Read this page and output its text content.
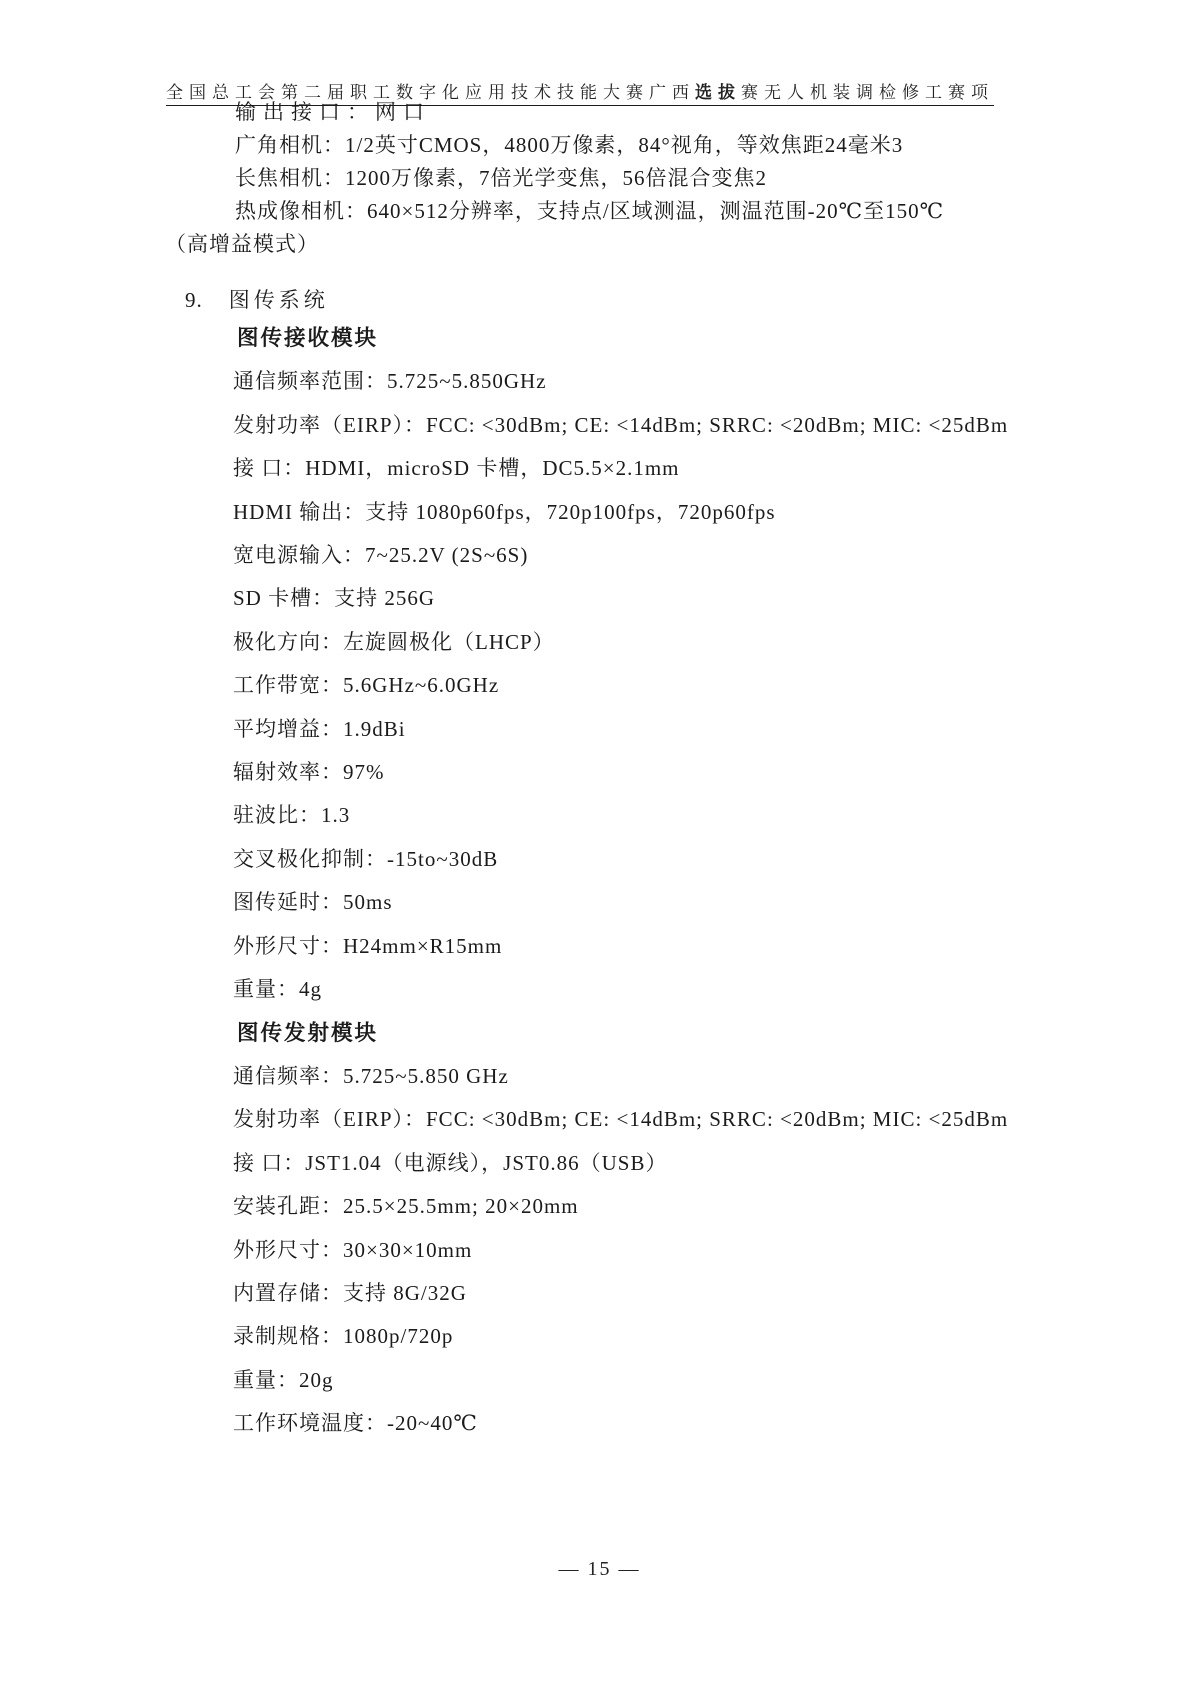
全国总工会第二届职工数字化应用技术技能大赛广西选拔赛无人机装调检修工赛项

输出接口：网口

广角相机：1/2英寸CMOS，4800万像素，84°视角，等效焦距24毫米3

长焦相机：1200万像素，7倍光学变焦，56倍混合变焦2

热成像相机：640×512分辨率，支持点/区域测温，测温范围-20℃至150℃

（高增益模式）

9. 图传系统

图传接收模块

通信频率范围：5.725~5.850GHz

发射功率（EIRP）：FCC: <30dBm; CE: <14dBm; SRRC: <20dBm; MIC: <25dBm

接 口：HDMI，microSD 卡槽，DC5.5×2.1mm

HDMI 输出：支持 1080p60fps，720p100fps，720p60fps

宽电源输入：7~25.2V (2S~6S)

SD 卡槽：支持 256G

极化方向：左旋圆极化（LHCP）

工作带宽：5.6GHz~6.0GHz

平均增益：1.9dBi

辐射效率：97%

驻波比：1.3

交叉极化抑制：-15to~30dB

图传延时：50ms

外形尺寸：H24mm×R15mm

重量：4g

图传发射模块

通信频率：5.725~5.850 GHz

发射功率（EIRP）：FCC: <30dBm; CE: <14dBm; SRRC: <20dBm; MIC: <25dBm

接 口：JST1.04（电源线），JST0.86（USB）

安装孔距：25.5×25.5mm; 20×20mm

外形尺寸：30×30×10mm

内置存储：支持 8G/32G

录制规格：1080p/720p

重量：20g

工作环境温度：-20~40℃

— 15 —
